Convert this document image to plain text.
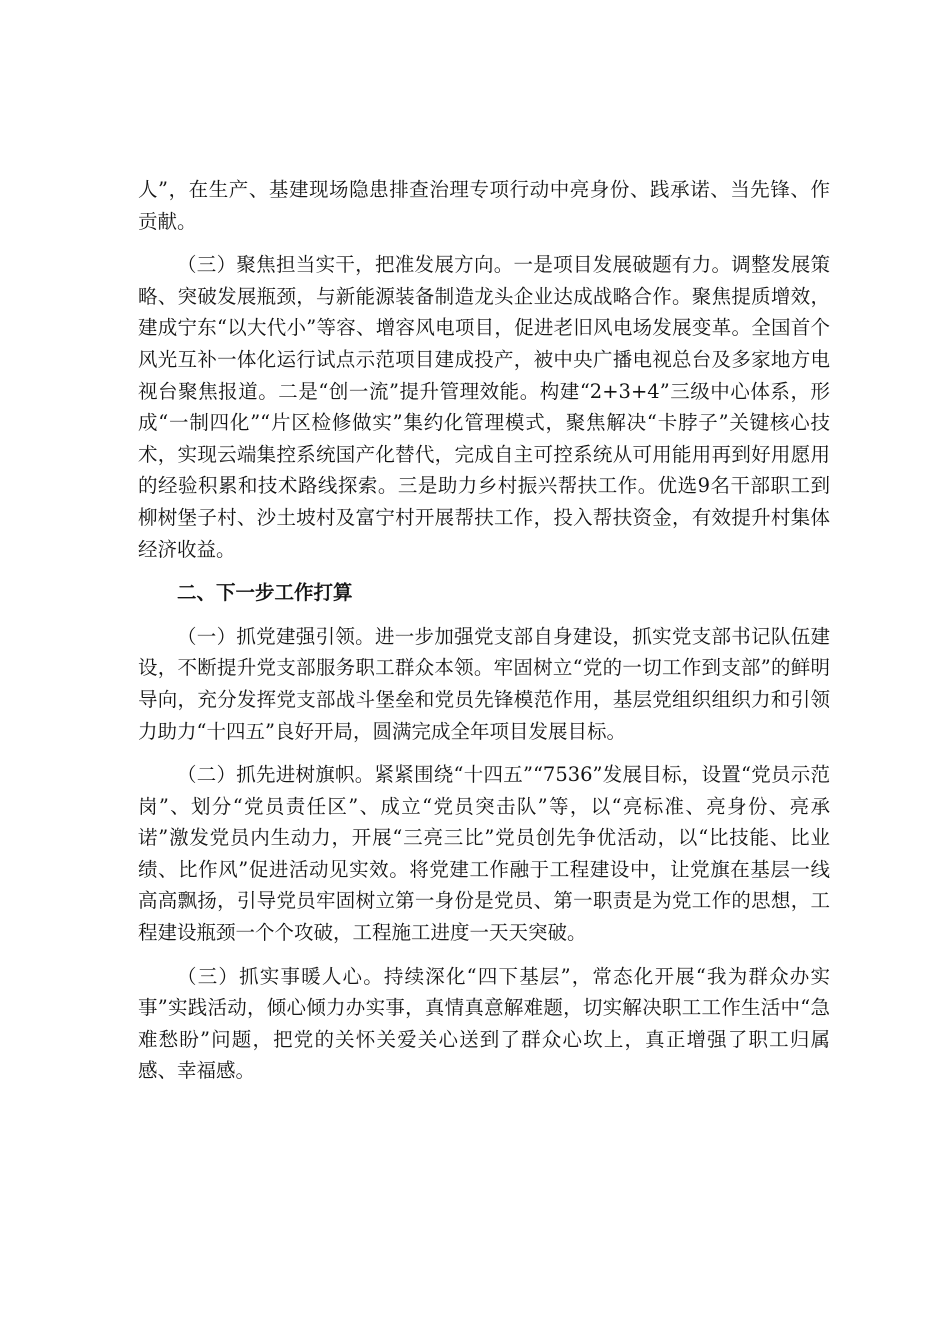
人”，在生产、基建现场隐患排查治理专项行动中亮身份、践承诺、当先锋、作贡献。

（三）聚焦担当实干，把准发展方向。一是项目发展破题有力。调整发展策略、突破发展瓶颈，与新能源装备制造龙头企业达成战略合作。聚焦提质增效，建成宁东“以大代小”等容、增容风电项目，促进老旧风电场发展变革。全国首个风光互补一体化运行试点示范项目建成投产，被中央广播电视总台及多家地方电视台聚焦报道。二是“创一流”提升管理效能。构建“2+3+4”三级中心体系，形成“一制四化”“片区检修做实”集约化管理模式，聚焦解决“卡脖子”关键核心技术，实现云端集控系统国产化替代，完成自主可控系统从可用能用再到好用愿用的经验积累和技术路线探索。三是助力乡村振兴帮扶工作。优选9名干部职工到柳树堡子村、沙土坡村及富宁村开展帮扶工作，投入帮扶资金，有效提升村集体经济收益。

二、下一步工作打算

（一）抓党建强引领。进一步加强党支部自身建设，抓实党支部书记队伍建设，不断提升党支部服务职工群众本领。牢固树立“党的一切工作到支部”的鲜明导向，充分发挥党支部战斗堡垒和党员先锋模范作用，基层党组织组织力和引领力助力“十四五”良好开局，圆满完成全年项目发展目标。

（二）抓先进树旗帜。紧紧围绕“十四五”“7536”发展目标，设置“党员示范岗”、划分“党员责任区”、成立“党员突击队”等，以“亮标准、亮身份、亮承诺”激发党员内生动力，开展“三亮三比”党员创先争优活动，以“比技能、比业绩、比作风”促进活动见实效。将党建工作融于工程建设中，让党旗在基层一线高高飘扬，引导党员牢固树立第一身份是党员、第一职责是为党工作的思想，工程建设瓶颈一个个攻破，工程施工进度一天天突破。

（三）抓实事暖人心。持续深化“四下基层”，常态化开展“我为群众办实事”实践活动，倾心倾力办实事，真情真意解难题，切实解决职工工作生活中“急难愁盼”问题，把党的关怀关爱关心送到了群众心坎上，真正增强了职工归属感、幸福感。
